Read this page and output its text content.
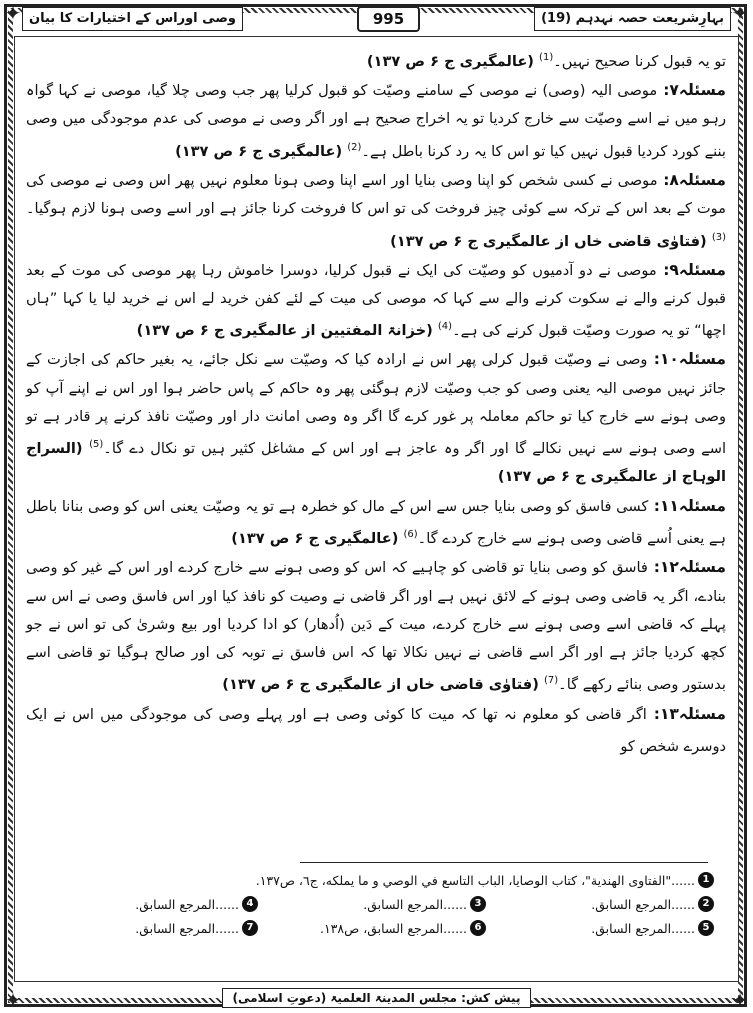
✦	✦
✦	✦
بہارِشریعت حصہ نہدہم (19)
995
وصی اوراس کے اختیارات کا بیان

تو یہ قبول کرنا صحیح نہیں۔$^{(1)}$ (عالمگیری ج ۶ ص ۱۳۷)

مسئلہ۷: موصی الیہ (وصی) نے موصی کے سامنے وصیّت کو قبول کرلیا پھر جب وصی چلا گیا، موصی نے کہا گواہ رہو میں نے اسے وصیّت سے خارج کردیا تو یہ اخراج صحیح ہے اور اگر وصی نے موصی کی عدم موجودگی میں وصی بننے کورد کردیا قبول نہیں کیا تو اس کا یہ رد کرنا باطل ہے۔$^{(2)}$ (عالمگیری ج ۶ ص ۱۳۷)

مسئلہ۸: موصی نے کسی شخص کو اپنا وصی بنایا اور اسے اپنا وصی ہونا معلوم نہیں پھر اس وصی نے موصی کی موت کے بعد اس کے ترکہ سے کوئی چیز فروخت کی تو اس کا فروخت کرنا جائز ہے اور اسے وصی ہونا لازم ہوگیا۔$^{(3)}$ (فتاوٰی قاضی خاں از عالمگیری ج ۶ ص ۱۳۷)

مسئلہ۹: موصی نے دو آدمیوں کو وصیّت کی ایک نے قبول کرلیا، دوسرا خاموش رہا پھر موصی کی موت کے بعد قبول کرنے والے نے سکوت کرنے والے سے کہا کہ موصی کی میت کے لئے کفن خرید لے اس نے خرید لیا یا کہا ”ہاں اچھا“ تو یہ صورت وصیّت قبول کرنے کی ہے۔$^{(4)}$ (خزانۃ المفتیین از عالمگیری ج ۶ ص ۱۳۷)

مسئلہ۱۰: وصی نے وصیّت قبول کرلی پھر اس نے ارادہ کیا کہ وصیّت سے نکل جائے، یہ بغیر حاکم کی اجازت کے جائز نہیں موصی الیہ یعنی وصی کو جب وصیّت لازم ہوگئی پھر وہ حاکم کے پاس حاضر ہوا اور اس نے اپنے آپ کو وصی ہونے سے خارج کیا تو حاکم معاملہ پر غور کرے گا اگر وہ وصی امانت دار اور وصیّت نافذ کرنے پر قادر ہے تو اسے وصی ہونے سے نہیں نکالے گا اور اگر وہ عاجز ہے اور اس کے مشاغل کثیر ہیں تو نکال دے گا۔$^{(5)}$ (السراج الوہاج از عالمگیری ج ۶ ص ۱۳۷)

مسئلہ۱۱: کسی فاسق کو وصی بنایا جس سے اس کے مال کو خطرہ ہے تو یہ وصیّت یعنی اس کو وصی بنانا باطل ہے یعنی اُسے قاضی وصی ہونے سے خارج کردے گا۔$^{(6)}$ (عالمگیری ج ۶ ص ۱۳۷)

مسئلہ۱۲: فاسق کو وصی بنایا تو قاضی کو چاہیے کہ اس کو وصی ہونے سے خارج کردے اور اس کے غیر کو وصی بنادے، اگر یہ قاضی وصی ہونے کے لائق نہیں ہے اور اگر قاضی نے وصیت کو نافذ کیا اور اس فاسق وصی نے اس سے پہلے کہ قاضی اسے وصی ہونے سے خارج کردے، میت کے دَین (اُدھار) کو ادا کردیا اور بیع وشریٰ کی تو اس نے جو کچھ کردیا جائز ہے اور اگر اسے قاضی نے نہیں نکالا تھا کہ اس فاسق نے توبہ کی اور صالح ہوگیا تو قاضی اسے بدستور وصی بنائے رکھے گا۔$^{(7)}$ (فتاوٰی قاضی خاں از عالمگیری ج ۶ ص ۱۳۷)

مسئلہ۱۳: اگر قاضی کو معلوم نہ تھا کہ میت کا کوئی وصی ہے اور پہلے وصی کی موجودگی میں اس نے ایک دوسرے شخص کو

1
......"الفتاوى الهندية"، كتاب الوصايا، الباب التاسع في الوصي و ما يملكه، ج٦، ص١٣٧.
2
......المرجع السابق.
3
......المرجع السابق.
4
......المرجع السابق.
5
......المرجع السابق.
6
......المرجع السابق، ص١٣٨.
7
......المرجع السابق.
پیش کش: مجلس المدینۃ العلمیۃ (دعوتِ اسلامی)
